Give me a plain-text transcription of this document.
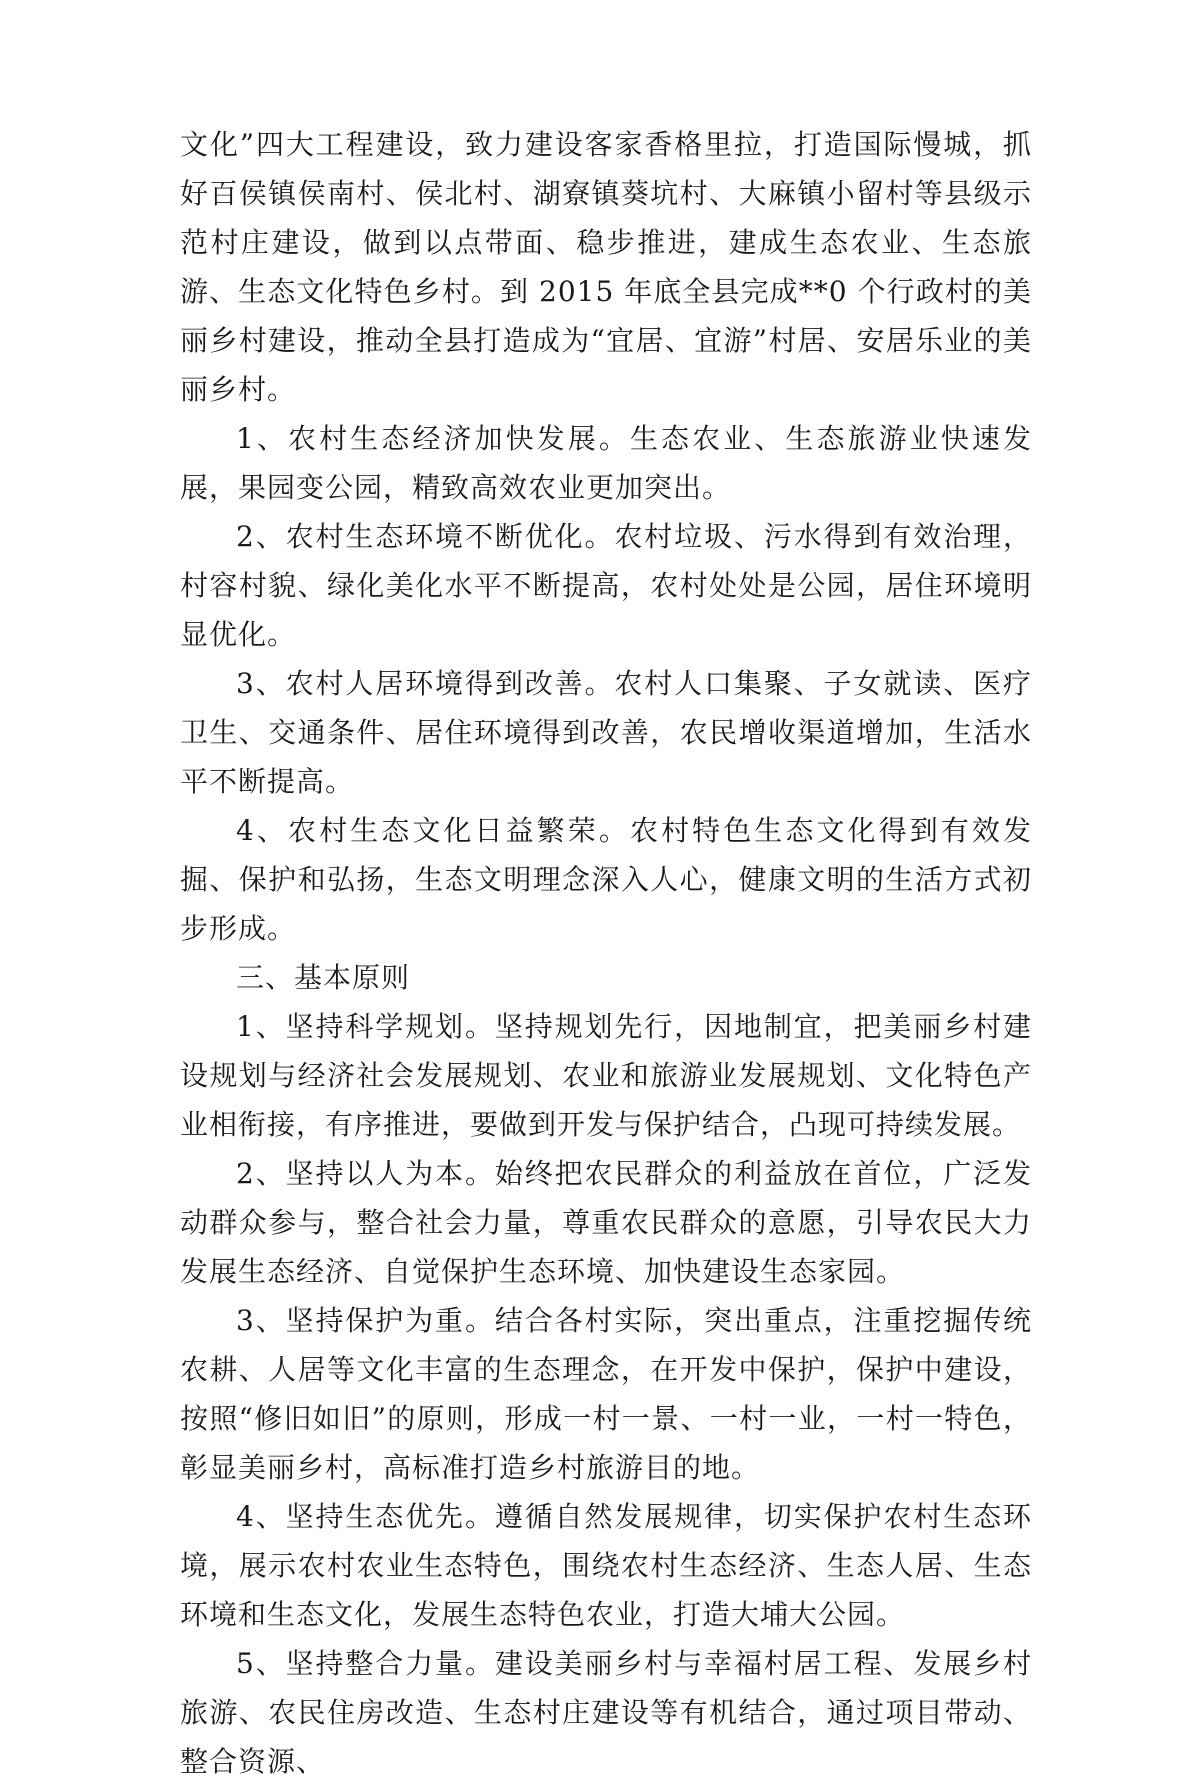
文化”四大工程建设，致力建设客家香格里拉，打造国际慢城，抓好百侯镇侯南村、侯北村、湖寮镇葵坑村、大麻镇小留村等县级示范村庄建设，做到以点带面、稳步推进，建成生态农业、生态旅游、生态文化特色乡村。到 2015 年底全县完成**0 个行政村的美丽乡村建设，推动全县打造成为“宜居、宜游”村居、安居乐业的美丽乡村。

1、农村生态经济加快发展。生态农业、生态旅游业快速发展，果园变公园，精致高效农业更加突出。

2、农村生态环境不断优化。农村垃圾、污水得到有效治理，村容村貌、绿化美化水平不断提高，农村处处是公园，居住环境明显优化。

3、农村人居环境得到改善。农村人口集聚、子女就读、医疗卫生、交通条件、居住环境得到改善，农民增收渠道增加，生活水平不断提高。

4、农村生态文化日益繁荣。农村特色生态文化得到有效发掘、保护和弘扬，生态文明理念深入人心，健康文明的生活方式初步形成。

三、基本原则

1、坚持科学规划。坚持规划先行，因地制宜，把美丽乡村建设规划与经济社会发展规划、农业和旅游业发展规划、文化特色产业相衔接，有序推进，要做到开发与保护结合，凸现可持续发展。

2、坚持以人为本。始终把农民群众的利益放在首位，广泛发动群众参与，整合社会力量，尊重农民群众的意愿，引导农民大力发展生态经济、自觉保护生态环境、加快建设生态家园。

3、坚持保护为重。结合各村实际，突出重点，注重挖掘传统农耕、人居等文化丰富的生态理念，在开发中保护，保护中建设，按照“修旧如旧”的原则，形成一村一景、一村一业，一村一特色，彰显美丽乡村，高标准打造乡村旅游目的地。

4、坚持生态优先。遵循自然发展规律，切实保护农村生态环境，展示农村农业生态特色，围绕农村生态经济、生态人居、生态环境和生态文化，发展生态特色农业，打造大埔大公园。

5、坚持整合力量。建设美丽乡村与幸福村居工程、发展乡村旅游、农民住房改造、生态村庄建设等有机结合，通过项目带动、整合资源、
